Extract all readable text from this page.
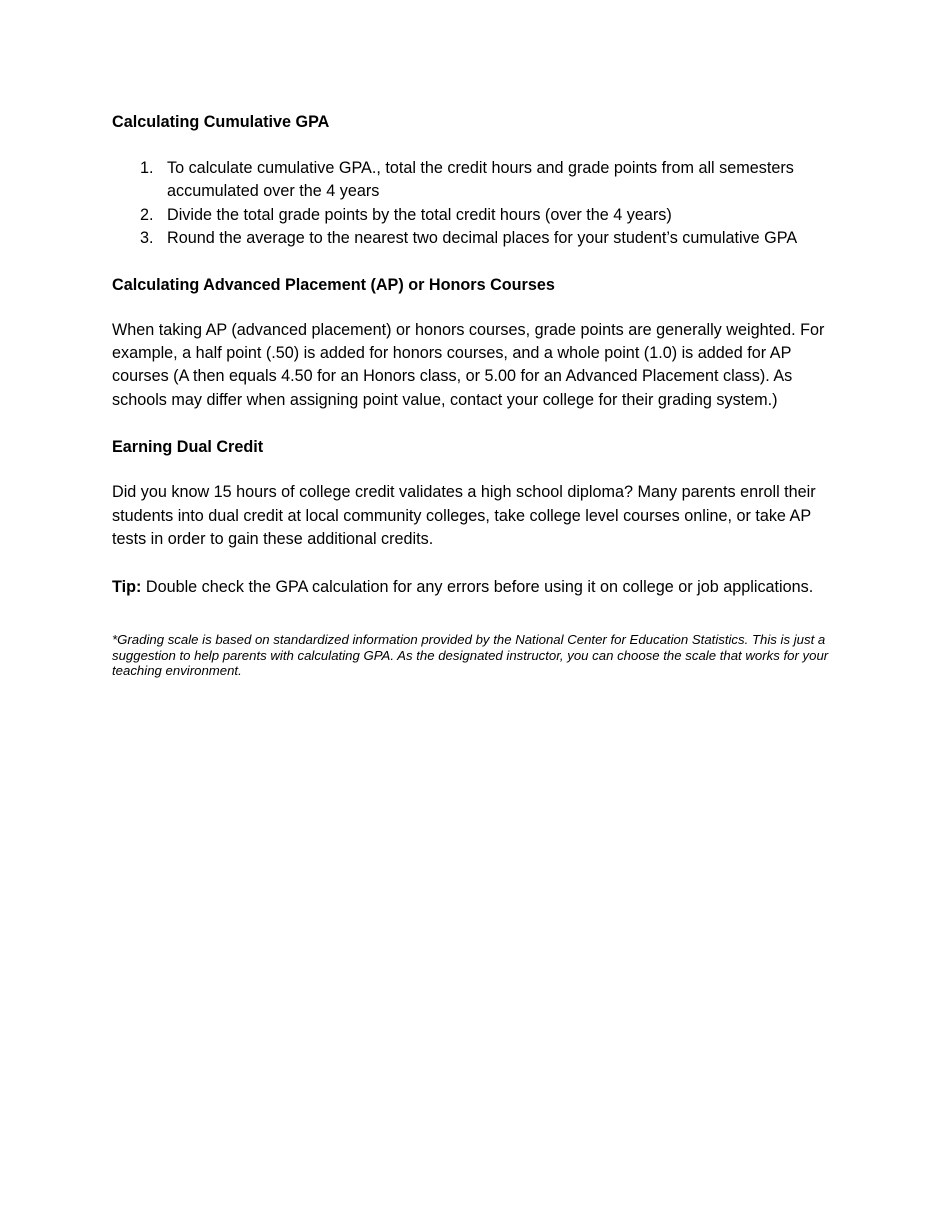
Calculating Cumulative GPA
1. To calculate cumulative GPA., total the credit hours and grade points from all semesters accumulated over the 4 years
2. Divide the total grade points by the total credit hours (over the 4 years)
3. Round the average to the nearest two decimal places for your student’s cumulative GPA
Calculating Advanced Placement (AP) or Honors Courses

When taking AP (advanced placement) or honors courses, grade points are generally weighted. For example, a half point (.50) is added for honors courses, and a whole point (1.0) is added for AP courses (A then equals 4.50 for an Honors class, or 5.00 for an Advanced Placement class). As schools may differ when assigning point value, contact your college for their grading system.)

Earning Dual Credit

Did you know 15 hours of college credit validates a high school diploma? Many parents enroll their students into dual credit at local community colleges, take college level courses online, or take AP tests in order to gain these additional credits.

Tip: Double check the GPA calculation for any errors before using it on college or job applications.

*Grading scale is based on standardized information provided by the National Center for Education Statistics. This is just a suggestion to help parents with calculating GPA. As the designated instructor, you can choose the scale that works for your teaching environment.
